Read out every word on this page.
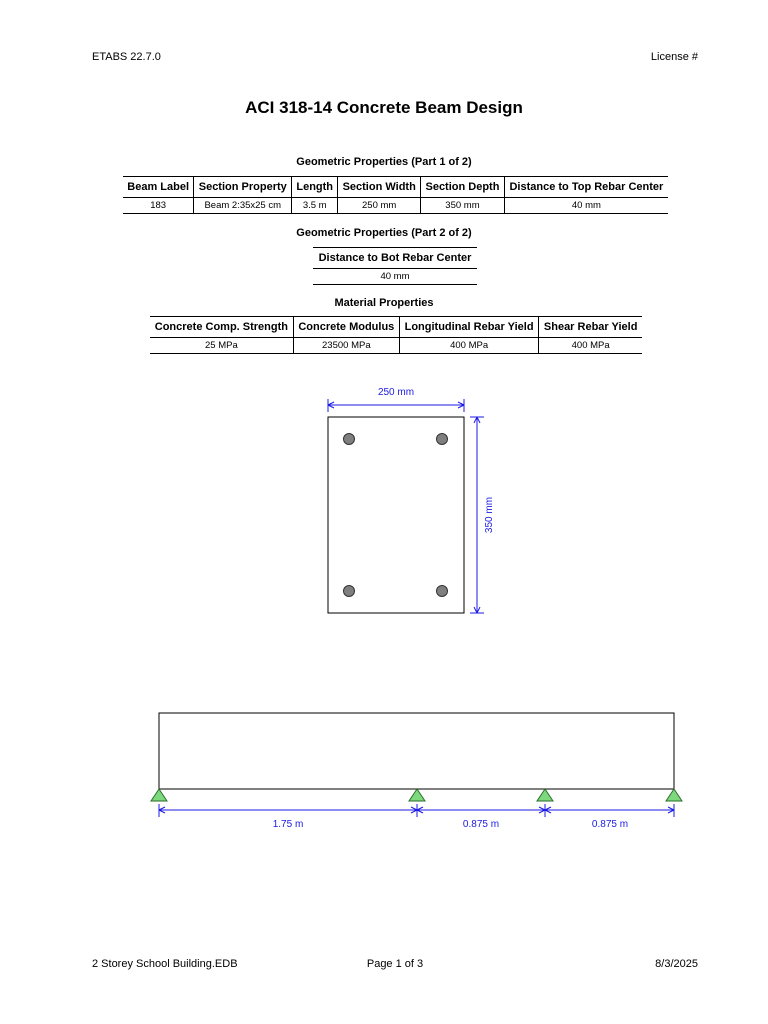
ETABS 22.7.0	License #
ACI 318-14 Concrete Beam Design
Geometric Properties (Part 1 of 2)
Beam Label	Section Property	Length	Section Width	Section Depth	Distance to Top Rebar Center
183	Beam 2:35x25 cm	3.5 m	250 mm	350 mm	40 mm
Geometric Properties (Part 2 of 2)
Distance to Bot Rebar Center
40 mm
Material Properties
Concrete Comp. Strength	Concrete Modulus	Longitudinal Rebar Yield	Shear Rebar Yield
25 MPa	23500 MPa	400 MPa	400 MPa
250 mm
350 mm
1.75 m	0.875 m	0.875 m
2 Storey School Building.EDB	Page 1 of 3	8/3/2025
